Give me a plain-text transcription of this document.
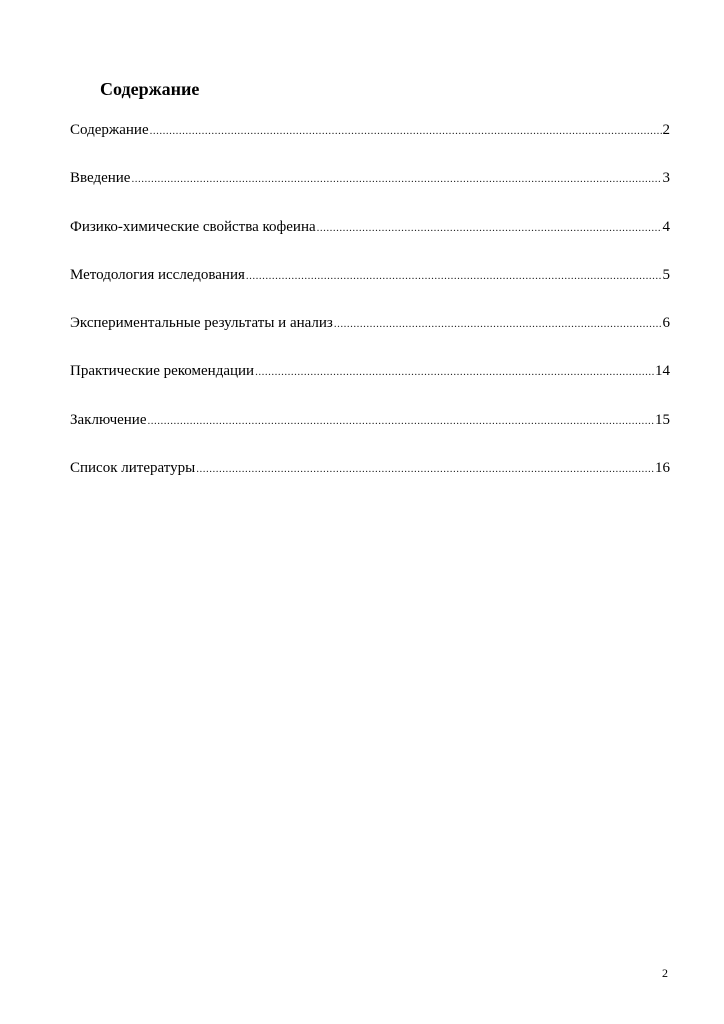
Содержание
Содержание .....	2
Введение .....	3
Физико-химические свойства кофеина .....	4
Методология исследования .....	5
Экспериментальные результаты и анализ .....	6
Практические рекомендации .....	14
Заключение .....	15
Список литературы .....	16
2
